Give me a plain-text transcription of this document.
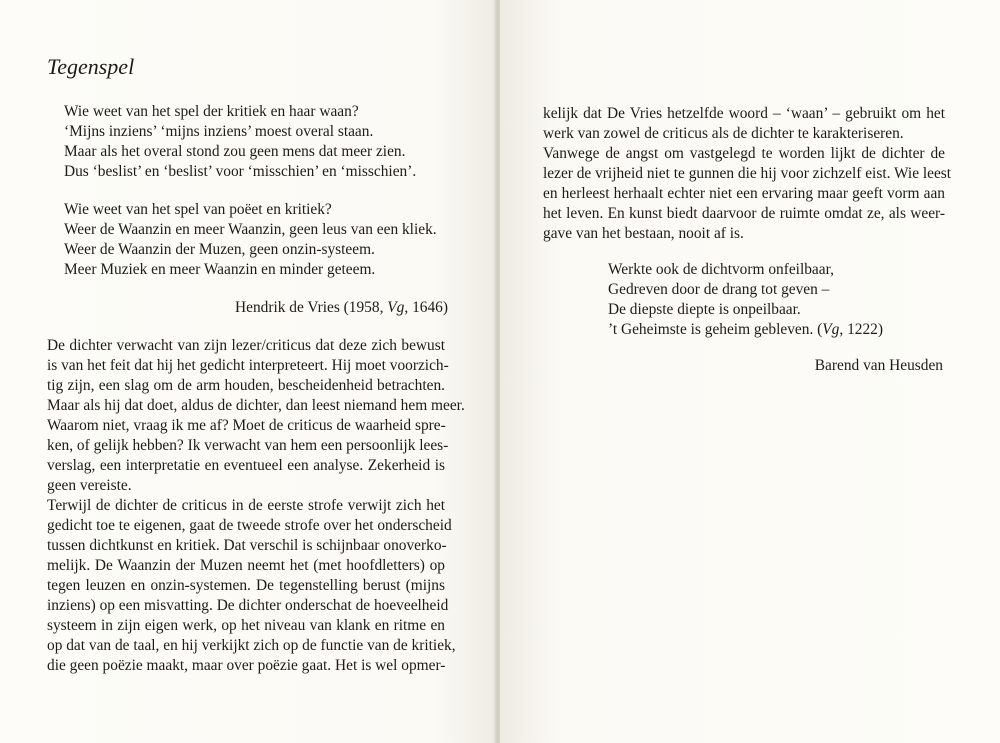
Tegenspel
Wie weet van het spel der kritiek en haar waan?
‘Mijns inziens’ ‘mijns inziens’ moest overal staan.
Maar als het overal stond zou geen mens dat meer zien.
Dus ‘beslist’ en ‘beslist’ voor ‘misschien’ en ‘misschien’.
Wie weet van het spel van poëet en kritiek?
Weer de Waanzin en meer Waanzin, geen leus van een kliek.
Weer de Waanzin der Muzen, geen onzin-systeem.
Meer Muziek en meer Waanzin en minder geteem.
Hendrik de Vries (1958, Vg, 1646)
De dichter verwacht van zijn lezer/criticus dat deze zich bewust
is van het feit dat hij het gedicht interpreteert. Hij moet voorzich-
tig zijn, een slag om de arm houden, bescheidenheid betrachten.
Maar als hij dat doet, aldus de dichter, dan leest niemand hem meer.
Waarom niet, vraag ik me af? Moet de criticus de waarheid spre-
ken, of gelijk hebben? Ik verwacht van hem een persoonlijk lees-
verslag, een interpretatie en eventueel een analyse. Zekerheid is
geen vereiste.
Terwijl de dichter de criticus in de eerste strofe verwijt zich het
gedicht toe te eigenen, gaat de tweede strofe over het onderscheid
tussen dichtkunst en kritiek. Dat verschil is schijnbaar onoverko-
melijk. De Waanzin der Muzen neemt het (met hoofdletters) op
tegen leuzen en onzin-systemen. De tegenstelling berust (mijns
inziens) op een misvatting. De dichter onderschat de hoeveelheid
systeem in zijn eigen werk, op het niveau van klank en ritme en
op dat van de taal, en hij verkijkt zich op de functie van de kritiek,
die geen poëzie maakt, maar over poëzie gaat. Het is wel opmer-
kelijk dat De Vries hetzelfde woord – ‘waan’ – gebruikt om het
werk van zowel de criticus als de dichter te karakteriseren.
Vanwege de angst om vastgelegd te worden lijkt de dichter de
lezer de vrijheid niet te gunnen die hij voor zichzelf eist. Wie leest
en herleest herhaalt echter niet een ervaring maar geeft vorm aan
het leven. En kunst biedt daarvoor de ruimte omdat ze, als weer-
gave van het bestaan, nooit af is.
Werkte ook de dichtvorm onfeilbaar,
Gedreven door de drang tot geven –
De diepste diepte is onpeilbaar.
’t Geheimste is geheim gebleven. (Vg, 1222)
Barend van Heusden
